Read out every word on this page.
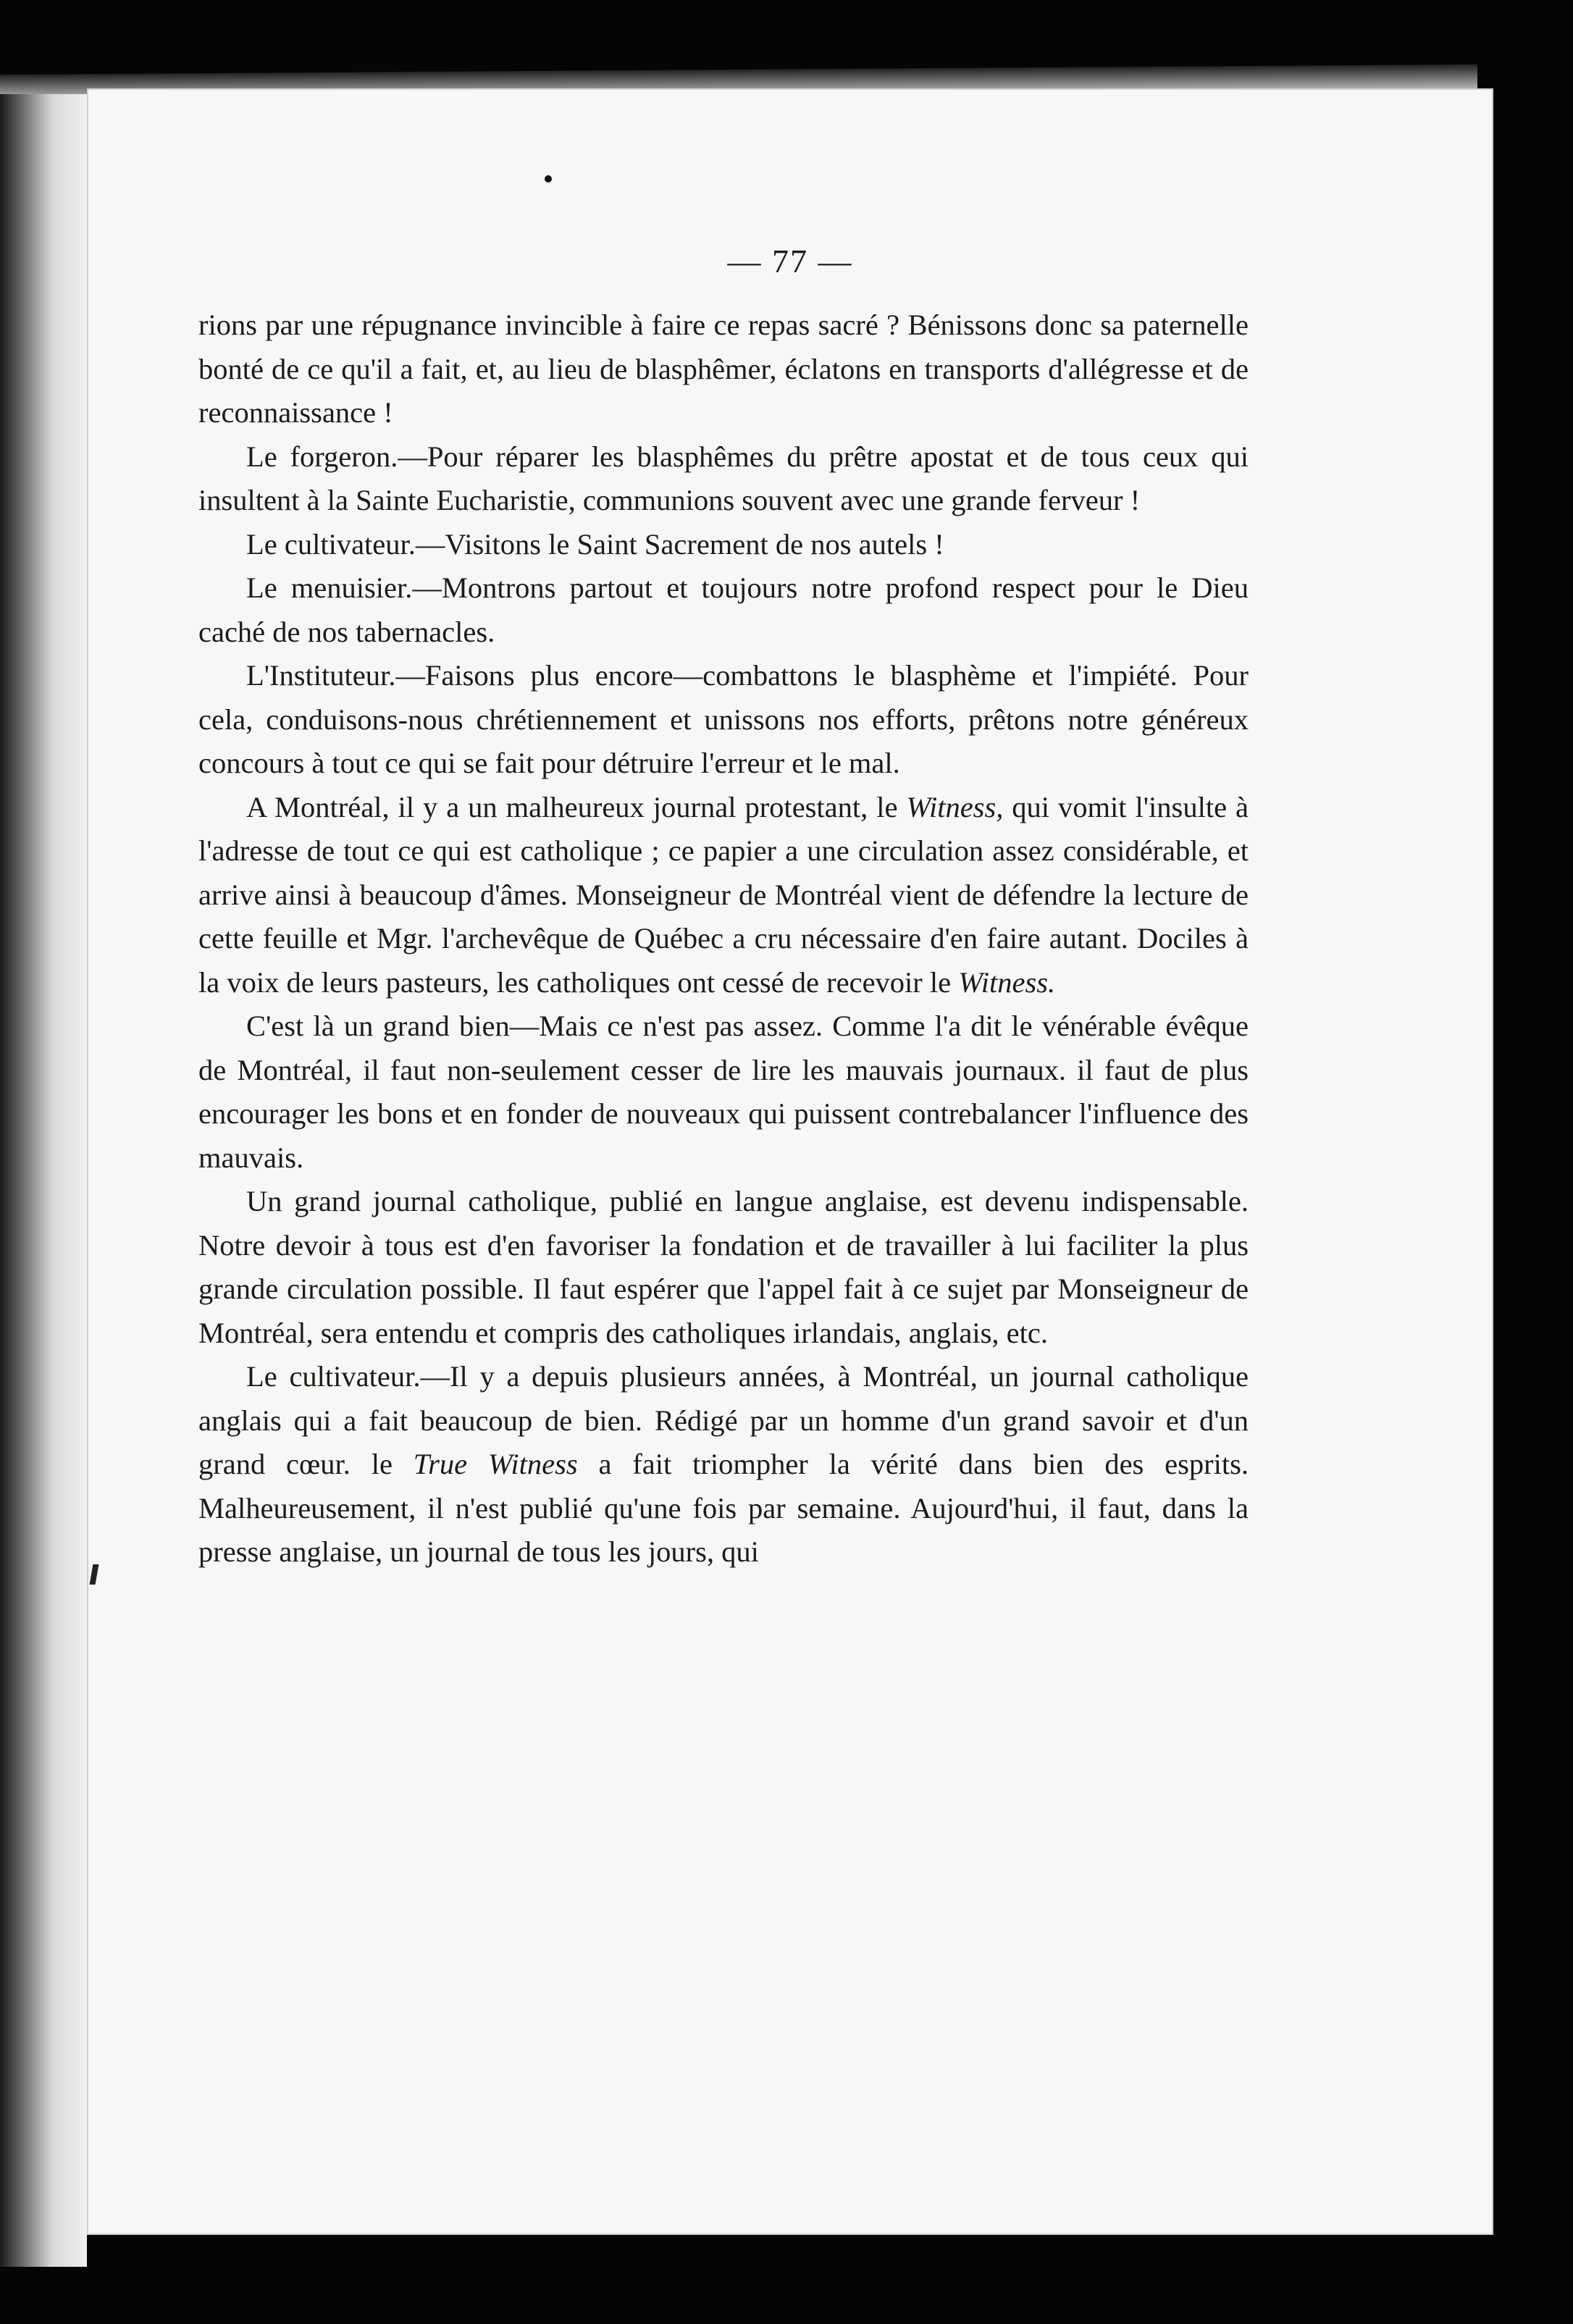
— 77 —

rions par une répugnance invincible à faire ce repas sacré ? Bénissons donc sa paternelle bonté de ce qu'il a fait, et, au lieu de blasphêmer, éclatons en transports d'allégresse et de reconnaissance !

Le forgeron.—Pour réparer les blasphêmes du prêtre apostat et de tous ceux qui insultent à la Sainte Eucharistie, communions souvent avec une grande ferveur !

Le cultivateur.—Visitons le Saint Sacrement de nos autels !

Le menuisier.—Montrons partout et toujours notre profond respect pour le Dieu caché de nos tabernacles.

L'Instituteur.—Faisons plus encore—combattons le blasphème et l'impiété. Pour cela, conduisons-nous chrétiennement et unissons nos efforts, prêtons notre généreux concours à tout ce qui se fait pour détruire l'erreur et le mal.

A Montréal, il y a un malheureux journal protestant, le Witness, qui vomit l'insulte à l'adresse de tout ce qui est catholique ; ce papier a une circulation assez considérable, et arrive ainsi à beaucoup d'âmes. Monseigneur de Montréal vient de défendre la lecture de cette feuille et Mgr. l'archevêque de Québec a cru nécessaire d'en faire autant. Dociles à la voix de leurs pasteurs, les catholiques ont cessé de recevoir le Witness.

C'est là un grand bien—Mais ce n'est pas assez. Comme l'a dit le vénérable évêque de Montréal, il faut non-seulement cesser de lire les mauvais journaux. il faut de plus encourager les bons et en fonder de nouveaux qui puissent contrebalancer l'influence des mauvais.

Un grand journal catholique, publié en langue anglaise, est devenu indispensable. Notre devoir à tous est d'en favoriser la fondation et de travailler à lui faciliter la plus grande circulation possible. Il faut espérer que l'appel fait à ce sujet par Monseigneur de Montréal, sera entendu et compris des catholiques irlandais, anglais, etc.

Le cultivateur.—Il y a depuis plusieurs années, à Montréal, un journal catholique anglais qui a fait beaucoup de bien. Rédigé par un homme d'un grand savoir et d'un grand cœur. le True Witness a fait triompher la vérité dans bien des esprits. Malheureusement, il n'est publié qu'une fois par semaine. Aujourd'hui, il faut, dans la presse anglaise, un journal de tous les jours, qui
